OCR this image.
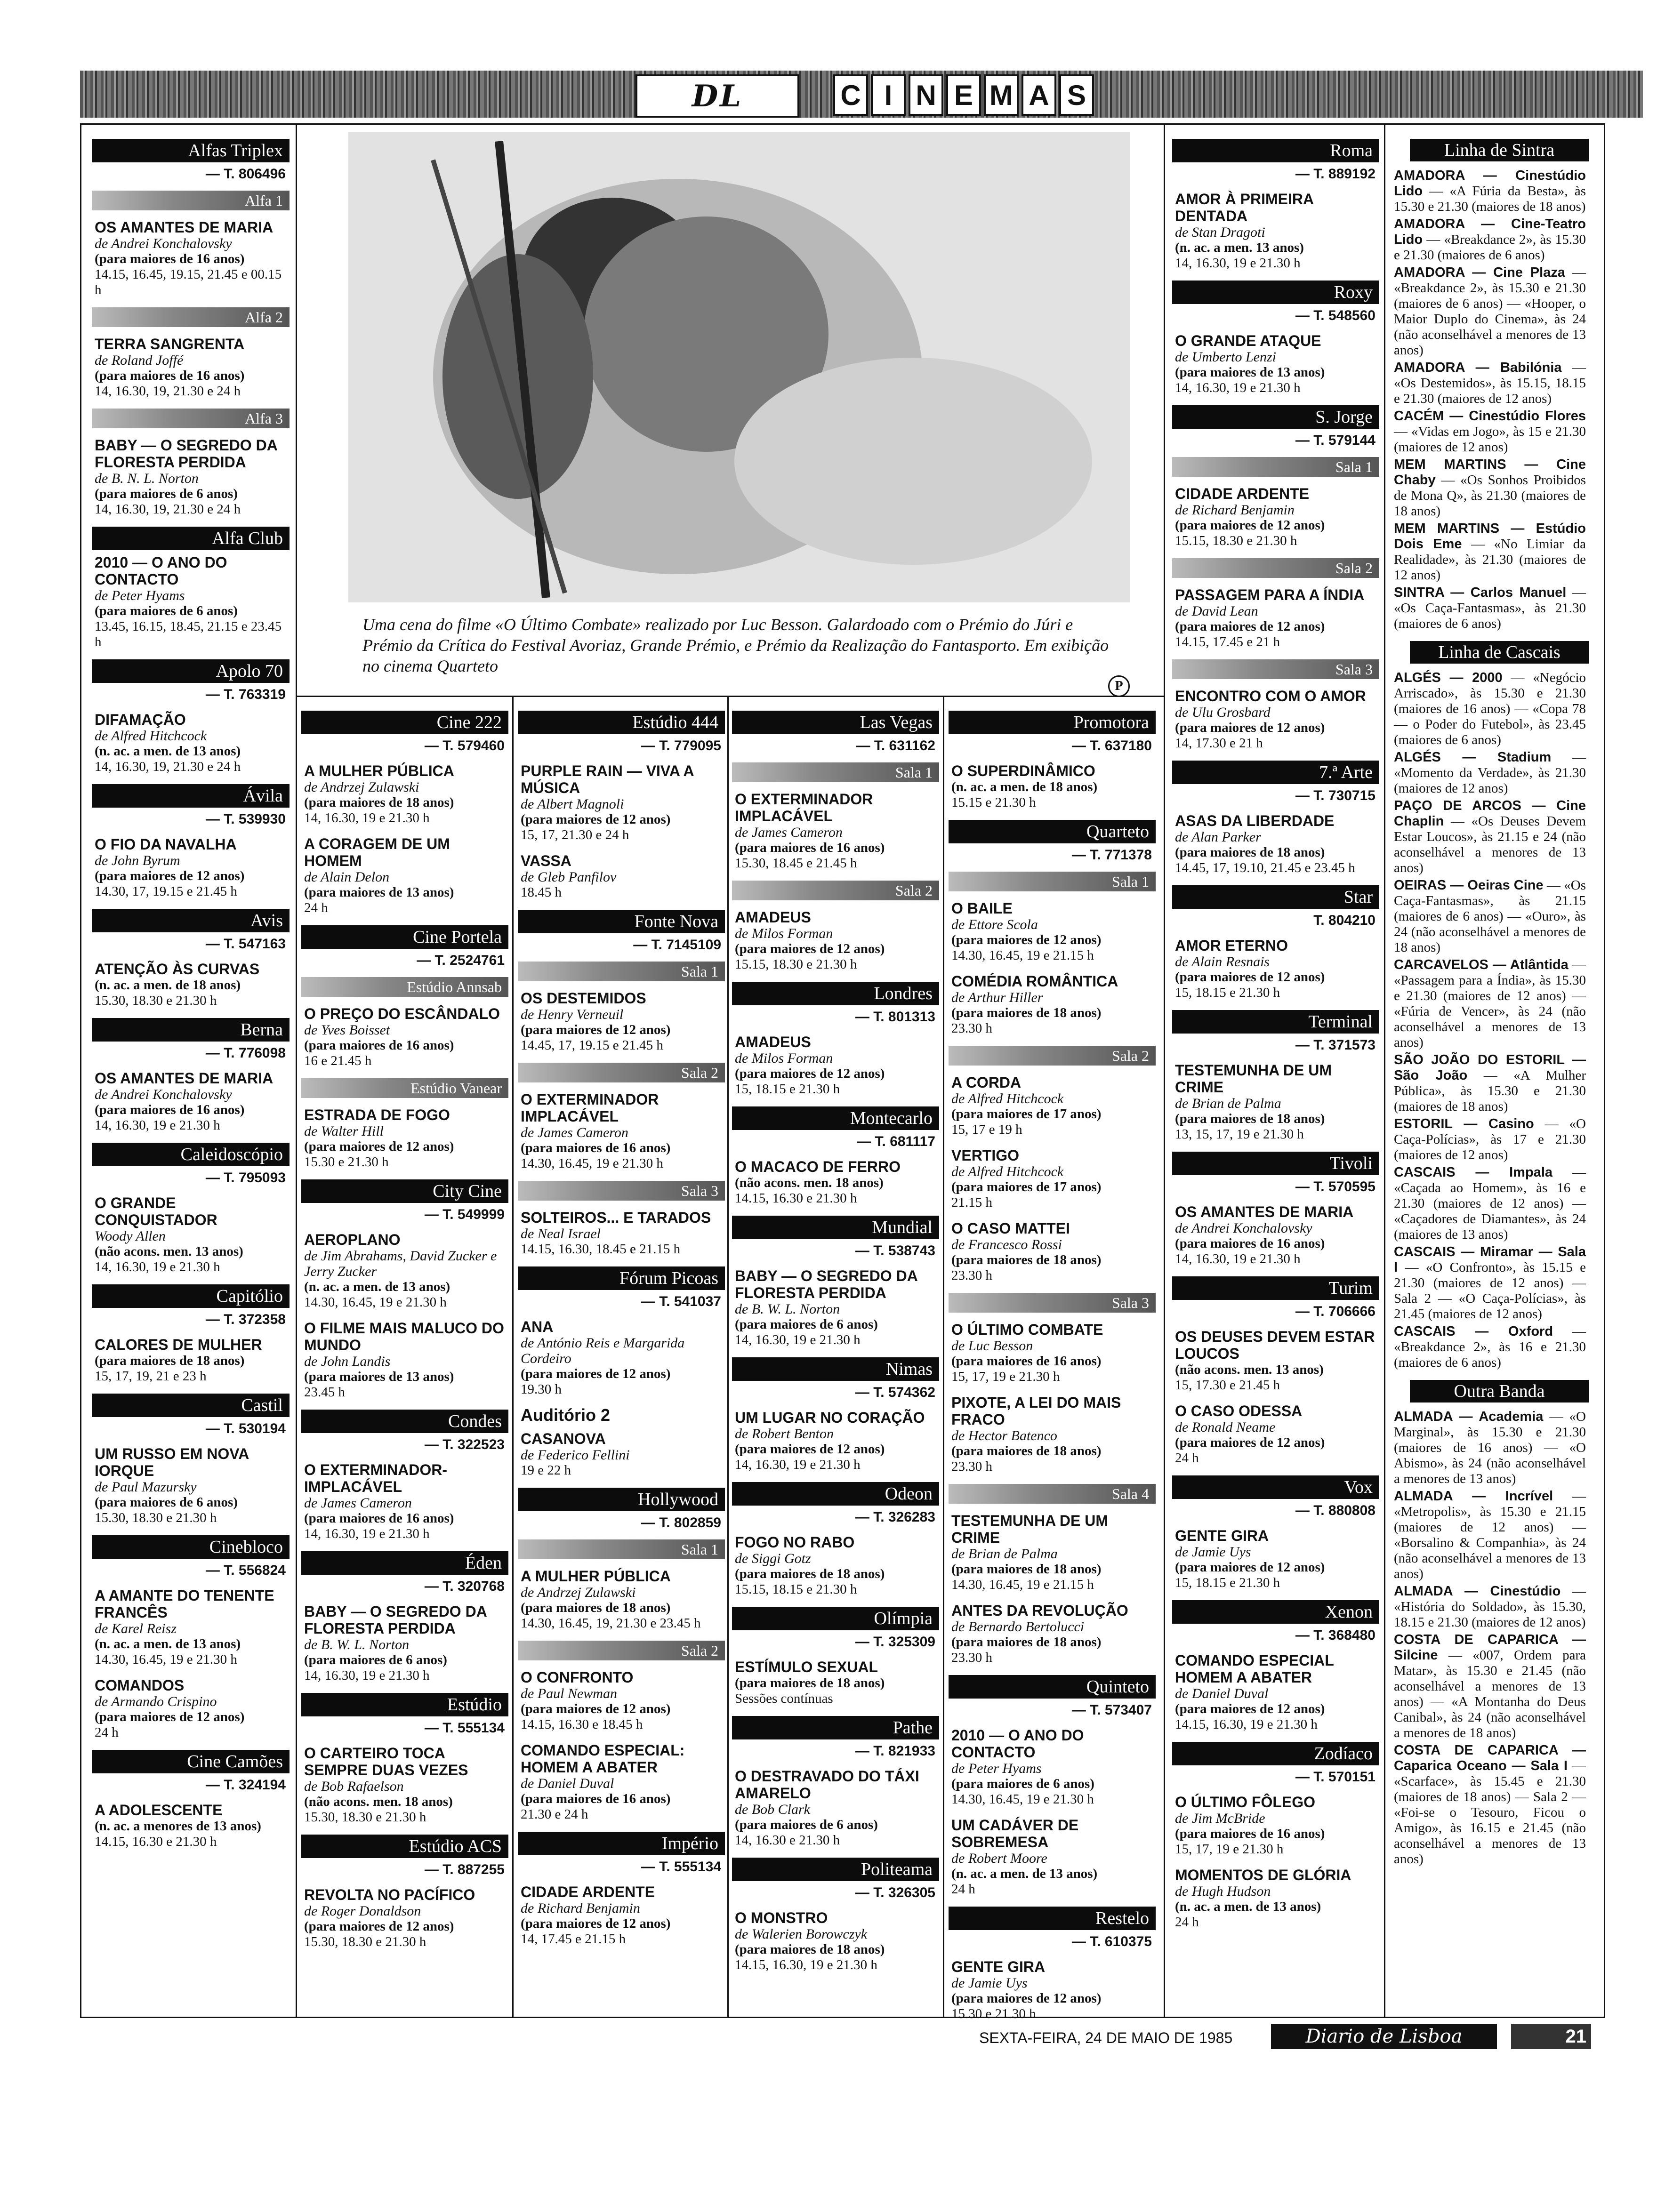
DL	C I N E M A S
Uma cena do filme «O Último Combate» realizado por Luc Besson. Galardoado com o Prémio do Júri e Prémio da Crítica do Festival Avoriaz, Grande Prémio, e Prémio da Realização do Fantasporto. Em exibição no cinema Quarteto
P
Alfas Triplex
— T. 806496
Alfa 1
OS AMANTES DE MARIA
de Andrei Konchalovsky
(para maiores de 16 anos)
14.15, 16.45, 19.15, 21.45 e 00.15 h
Alfa 2
TERRA SANGRENTA
de Roland Joffé
(para maiores de 16 anos)
14, 16.30, 19, 21.30 e 24 h
Alfa 3
BABY — O SEGREDO DA FLORESTA PERDIDA
de B. N. L. Norton
(para maiores de 6 anos)
14, 16.30, 19, 21.30 e 24 h
Alfa Club
2010 — O ANO DO CONTACTO
de Peter Hyams
(para maiores de 6 anos)
13.45, 16.15, 18.45, 21.15 e 23.45 h
Apolo 70
— T. 763319
DIFAMAÇÃO
de Alfred Hitchcock
(n. ac. a men. de 13 anos)
14, 16.30, 19, 21.30 e 24 h
Ávila
— T. 539930
O FIO DA NAVALHA
de John Byrum
(para maiores de 12 anos)
14.30, 17, 19.15 e 21.45 h
Avis
— T. 547163
ATENÇÃO ÀS CURVAS
(n. ac. a men. de 18 anos)
15.30, 18.30 e 21.30 h
Berna
— T. 776098
OS AMANTES DE MARIA
de Andrei Konchalovsky
(para maiores de 16 anos)
14, 16.30, 19 e 21.30 h
Caleidoscópio
— T. 795093
O GRANDE CONQUISTADOR
Woody Allen
(não acons. men. 13 anos)
14, 16.30, 19 e 21.30 h
Capitólio
— T. 372358
CALORES DE MULHER
(para maiores de 18 anos)
15, 17, 19, 21 e 23 h
Castil
— T. 530194
UM RUSSO EM NOVA IORQUE
de Paul Mazursky
(para maiores de 6 anos)
15.30, 18.30 e 21.30 h
Cinebloco
— T. 556824
A AMANTE DO TENENTE FRANCÊS
de Karel Reisz
(n. ac. a men. de 13 anos)
14.30, 16.45, 19 e 21.30 h
COMANDOS
de Armando Crispino
(para maiores de 12 anos)
24 h
Cine Camões
— T. 324194
A ADOLESCENTE
(n. ac. a menores de 13 anos)
14.15, 16.30 e 21.30 h
Cine 222
— T. 579460
A MULHER PÚBLICA
de Andrzej Zulawski
(para maiores de 18 anos)
14, 16.30, 19 e 21.30 h
A CORAGEM DE UM HOMEM
de Alain Delon
(para maiores de 13 anos)
24 h
Cine Portela
— T. 2524761
Estúdio Annsab
O PREÇO DO ESCÂNDALO
de Yves Boisset
(para maiores de 16 anos)
16 e 21.45 h
Estúdio Vanear
ESTRADA DE FOGO
de Walter Hill
(para maiores de 12 anos)
15.30 e 21.30 h
City Cine
— T. 549999
AEROPLANO
de Jim Abrahams, David Zucker e Jerry Zucker
(n. ac. a men. de 13 anos)
14.30, 16.45, 19 e 21.30 h
O FILME MAIS MALUCO DO MUNDO
de John Landis
(para maiores de 13 anos)
23.45 h
Condes
— T. 322523
O EXTERMINADOR-IMPLACÁVEL
de James Cameron
(para maiores de 16 anos)
14, 16.30, 19 e 21.30 h
Éden
— T. 320768
BABY — O SEGREDO DA FLORESTA PERDIDA
de B. W. L. Norton
(para maiores de 6 anos)
14, 16.30, 19 e 21.30 h
Estúdio
— T. 555134
O CARTEIRO TOCA SEMPRE DUAS VEZES
de Bob Rafaelson
(não acons. men. 18 anos)
15.30, 18.30 e 21.30 h
Estúdio ACS
— T. 887255
REVOLTA NO PACÍFICO
de Roger Donaldson
(para maiores de 12 anos)
15.30, 18.30 e 21.30 h
Estúdio 444
— T. 779095
PURPLE RAIN — VIVA A MÚSICA
de Albert Magnoli
(para maiores de 12 anos)
15, 17, 21.30 e 24 h
VASSA
de Gleb Panfilov
18.45 h
Fonte Nova
— T. 7145109
Sala 1
OS DESTEMIDOS
de Henry Verneuil
(para maiores de 12 anos)
14.45, 17, 19.15 e 21.45 h
Sala 2
O EXTERMINADOR IMPLACÁVEL
de James Cameron
(para maiores de 16 anos)
14.30, 16.45, 19 e 21.30 h
Sala 3
SOLTEIROS... E TARADOS
de Neal Israel
14.15, 16.30, 18.45 e 21.15 h
Fórum Picoas
— T. 541037
ANA
de António Reis e Margarida Cordeiro
(para maiores de 12 anos)
19.30 h
Auditório 2
CASANOVA
de Federico Fellini
19 e 22 h
Hollywood
— T. 802859
Sala 1
A MULHER PÚBLICA
de Andrzej Zulawski
(para maiores de 18 anos)
14.30, 16.45, 19, 21.30 e 23.45 h
Sala 2
O CONFRONTO
de Paul Newman
(para maiores de 12 anos)
14.15, 16.30 e 18.45 h
COMANDO ESPECIAL: HOMEM A ABATER
de Daniel Duval
(para maiores de 16 anos)
21.30 e 24 h
Império
— T. 555134
CIDADE ARDENTE
de Richard Benjamin
(para maiores de 12 anos)
14, 17.45 e 21.15 h
Las Vegas
— T. 631162
Sala 1
O EXTERMINADOR IMPLACÁVEL
de James Cameron
(para maiores de 16 anos)
15.30, 18.45 e 21.45 h
Sala 2
AMADEUS
de Milos Forman
(para maiores de 12 anos)
15.15, 18.30 e 21.30 h
Londres
— T. 801313
AMADEUS
de Milos Forman
(para maiores de 12 anos)
15, 18.15 e 21.30 h
Montecarlo
— T. 681117
O MACACO DE FERRO
(não acons. men. 18 anos)
14.15, 16.30 e 21.30 h
Mundial
— T. 538743
BABY — O SEGREDO DA FLORESTA PERDIDA
de B. W. L. Norton
(para maiores de 6 anos)
14, 16.30, 19 e 21.30 h
Nimas
— T. 574362
UM LUGAR NO CORAÇÃO
de Robert Benton
(para maiores de 12 anos)
14, 16.30, 19 e 21.30 h
Odeon
— T. 326283
FOGO NO RABO
de Siggi Gotz
(para maiores de 18 anos)
15.15, 18.15 e 21.30 h
Olímpia
— T. 325309
ESTÍMULO SEXUAL
(para maiores de 18 anos)
Sessões contínuas
Pathe
— T. 821933
O DESTRAVADO DO TÁXI AMARELO
de Bob Clark
(para maiores de 6 anos)
14, 16.30 e 21.30 h
Politeama
— T. 326305
O MONSTRO
de Walerien Borowczyk
(para maiores de 18 anos)
14.15, 16.30, 19 e 21.30 h
Promotora
— T. 637180
O SUPERDINÂMICO
(n. ac. a men. de 18 anos)
15.15 e 21.30 h
Quarteto
— T. 771378
Sala 1
O BAILE
de Ettore Scola
(para maiores de 12 anos)
14.30, 16.45, 19 e 21.15 h
COMÉDIA ROMÂNTICA
de Arthur Hiller
(para maiores de 18 anos)
23.30 h
Sala 2
A CORDA
de Alfred Hitchcock
(para maiores de 17 anos)
15, 17 e 19 h
VERTIGO
de Alfred Hitchcock
(para maiores de 17 anos)
21.15 h
O CASO MATTEI
de Francesco Rossi
(para maiores de 18 anos)
23.30 h
Sala 3
O ÚLTIMO COMBATE
de Luc Besson
(para maiores de 16 anos)
15, 17, 19 e 21.30 h
PIXOTE, A LEI DO MAIS FRACO
de Hector Batenco
(para maiores de 18 anos)
23.30 h
Sala 4
TESTEMUNHA DE UM CRIME
de Brian de Palma
(para maiores de 18 anos)
14.30, 16.45, 19 e 21.15 h
ANTES DA REVOLUÇÃO
de Bernardo Bertolucci
(para maiores de 18 anos)
23.30 h
Quinteto
— T. 573407
2010 — O ANO DO CONTACTO
de Peter Hyams
(para maiores de 6 anos)
14.30, 16.45, 19 e 21.30 h
UM CADÁVER DE SOBREMESA
de Robert Moore
(n. ac. a men. de 13 anos)
24 h
Restelo
— T. 610375
GENTE GIRA
de Jamie Uys
(para maiores de 12 anos)
15.30 e 21.30 h
Roma
— T. 889192
AMOR À PRIMEIRA DENTADA
de Stan Dragoti
(n. ac. a men. 13 anos)
14, 16.30, 19 e 21.30 h
Roxy
— T. 548560
O GRANDE ATAQUE
de Umberto Lenzi
(para maiores de 13 anos)
14, 16.30, 19 e 21.30 h
S. Jorge
— T. 579144
Sala 1
CIDADE ARDENTE
de Richard Benjamin
(para maiores de 12 anos)
15.15, 18.30 e 21.30 h
Sala 2
PASSAGEM PARA A ÍNDIA
de David Lean
(para maiores de 12 anos)
14.15, 17.45 e 21 h
Sala 3
ENCONTRO COM O AMOR
de Ulu Grosbard
(para maiores de 12 anos)
14, 17.30 e 21 h
7.ª Arte
— T. 730715
ASAS DA LIBERDADE
de Alan Parker
(para maiores de 18 anos)
14.45, 17, 19.10, 21.45 e 23.45 h
Star
T. 804210
AMOR ETERNO
de Alain Resnais
(para maiores de 12 anos)
15, 18.15 e 21.30 h
Terminal
— T. 371573
TESTEMUNHA DE UM CRIME
de Brian de Palma
(para maiores de 18 anos)
13, 15, 17, 19 e 21.30 h
Tivoli
— T. 570595
OS AMANTES DE MARIA
de Andrei Konchalovsky
(para maiores de 16 anos)
14, 16.30, 19 e 21.30 h
Turim
— T. 706666
OS DEUSES DEVEM ESTAR LOUCOS
(não acons. men. 13 anos)
15, 17.30 e 21.45 h
O CASO ODESSA
de Ronald Neame
(para maiores de 12 anos)
24 h
Vox
— T. 880808
GENTE GIRA
de Jamie Uys
(para maiores de 12 anos)
15, 18.15 e 21.30 h
Xenon
— T. 368480
COMANDO ESPECIAL HOMEM A ABATER
de Daniel Duval
(para maiores de 12 anos)
14.15, 16.30, 19 e 21.30 h
Zodíaco
— T. 570151
O ÚLTIMO FÔLEGO
de Jim McBride
(para maiores de 16 anos)
15, 17, 19 e 21.30 h
MOMENTOS DE GLÓRIA
de Hugh Hudson
(n. ac. a men. de 13 anos)
24 h
Linha de Sintra
AMADORA — Cinestúdio Lido — «A Fúria da Besta», às 15.30 e 21.30 (maiores de 18 anos)
AMADORA — Cine-Teatro Lido — «Breakdance 2», às 15.30 e 21.30 (maiores de 6 anos)
AMADORA — Cine Plaza — «Breakdance 2», às 15.30 e 21.30 (maiores de 6 anos) — «Hooper, o Maior Duplo do Cinema», às 24 (não aconselhável a menores de 13 anos)
AMADORA — Babilónia — «Os Destemidos», às 15.15, 18.15 e 21.30 (maiores de 12 anos)
CACÉM — Cinestúdio Flores — «Vidas em Jogo», às 15 e 21.30 (maiores de 12 anos)
MEM MARTINS — Cine Chaby — «Os Sonhos Proibidos de Mona Q», às 21.30 (maiores de 18 anos)
MEM MARTINS — Estúdio Dois Eme — «No Limiar da Realidade», às 21.30 (maiores de 12 anos)
SINTRA — Carlos Manuel — «Os Caça-Fantasmas», às 21.30 (maiores de 6 anos)
Linha de Cascais
ALGÉS — 2000 — «Negócio Arriscado», às 15.30 e 21.30 (maiores de 16 anos) — «Copa 78 — o Poder do Futebol», às 23.45 (maiores de 6 anos)
ALGÉS — Stadium — «Momento da Verdade», às 21.30 (maiores de 12 anos)
PAÇO DE ARCOS — Cine Chaplin — «Os Deuses Devem Estar Loucos», às 21.15 e 24 (não aconselhável a menores de 13 anos)
OEIRAS — Oeiras Cine — «Os Caça-Fantasmas», às 21.15 (maiores de 6 anos) — «Ouro», às 24 (não aconselhável a menores de 18 anos)
CARCAVELOS — Atlântida — «Passagem para a Índia», às 15.30 e 21.30 (maiores de 12 anos) — «Fúria de Vencer», às 24 (não aconselhável a menores de 13 anos)
SÃO JOÃO DO ESTORIL — São João — «A Mulher Pública», às 15.30 e 21.30 (maiores de 18 anos)
ESTORIL — Casino — «O Caça-Polícias», às 17 e 21.30 (maiores de 12 anos)
CASCAIS — Impala — «Caçada ao Homem», às 16 e 21.30 (maiores de 12 anos) — «Caçadores de Diamantes», às 24 (maiores de 13 anos)
CASCAIS — Miramar — Sala I — «O Confronto», às 15.15 e 21.30 (maiores de 12 anos) — Sala 2 — «O Caça-Polícias», às 21.45 (maiores de 12 anos)
CASCAIS — Oxford — «Breakdance 2», às 16 e 21.30 (maiores de 6 anos)
Outra Banda
ALMADA — Academia — «O Marginal», às 15.30 e 21.30 (maiores de 16 anos) — «O Abismo», às 24 (não aconselhável a menores de 13 anos)
ALMADA — Incrível — «Metropolis», às 15.30 e 21.15 (maiores de 12 anos) — «Borsalino & Companhia», às 24 (não aconselhável a menores de 13 anos)
ALMADA — Cinestúdio — «História do Soldado», às 15.30, 18.15 e 21.30 (maiores de 12 anos)
COSTA DE CAPARICA — Silcine — «007, Ordem para Matar», às 15.30 e 21.45 (não aconselhável a menores de 13 anos) — «A Montanha do Deus Canibal», às 24 (não aconselhável a menores de 18 anos)
COSTA DE CAPARICA — Caparica Oceano — Sala I — «Scarface», às 15.45 e 21.30 (maiores de 18 anos) — Sala 2 — «Foi-se o Tesouro, Ficou o Amigo», às 16.15 e 21.45 (não aconselhável a menores de 13 anos)
SEXTA-FEIRA, 24 DE MAIO DE 1985	Diario de Lisboa	21
